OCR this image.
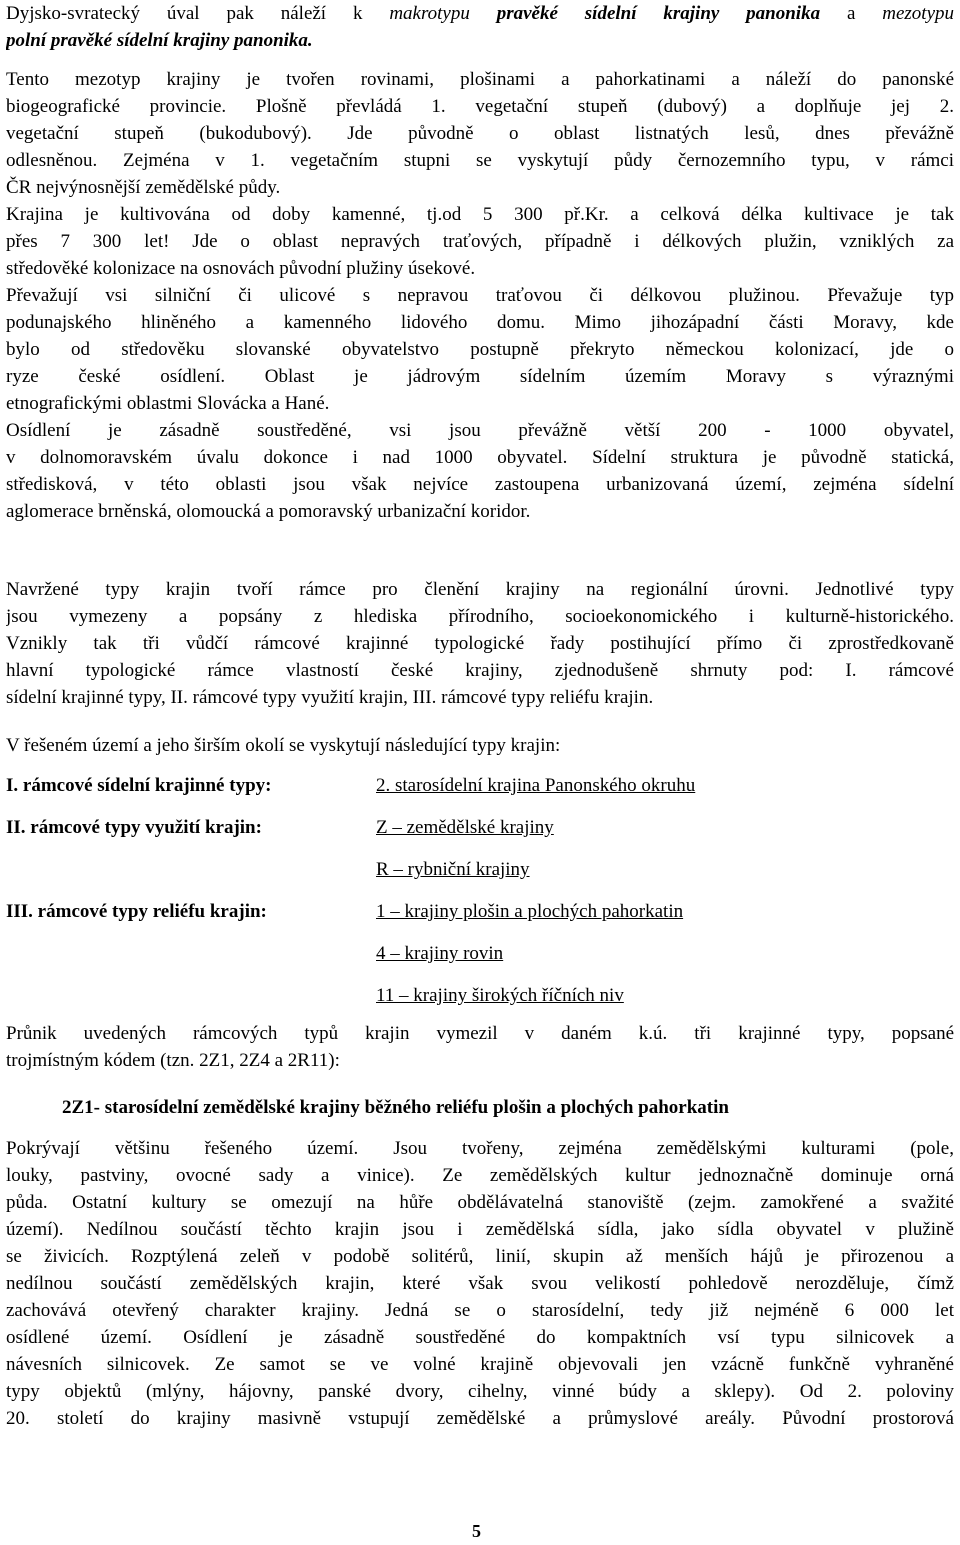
Dyjsko-svratecký úval pak náleží k makrotypu pravěké sídelní krajiny panonika a mezotypu
polní pravěké sídelní krajiny panonika.
Tento mezotyp krajiny je tvořen rovinami, plošinami a pahorkatinami a náleží do panonské
biogeografické provincie. Plošně převládá 1. vegetační stupeň (dubový) a doplňuje jej 2.
vegetační stupeň (bukodubový). Jde původně o oblast listnatých lesů, dnes převážně
odlesněnou. Zejména v 1. vegetačním stupni se vyskytují půdy černozemního typu, v rámci
ČR nejvýnosnější zemědělské půdy.
Krajina je kultivována od doby kamenné, tj.od 5 300 př.Kr. a celková délka kultivace je tak
přes 7 300 let! Jde o oblast nepravých traťových, případně i délkových plužin, vzniklých za
středověké kolonizace na osnovách původní plužiny úsekové.
Převažují vsi silniční či ulicové s nepravou traťovou či délkovou plužinou. Převažuje typ
podunajského hliněného a kamenného lidového domu. Mimo jihozápadní části Moravy, kde
bylo od středověku slovanské obyvatelstvo postupně překryto německou kolonizací, jde o
ryze české osídlení. Oblast je jádrovým sídelním územím Moravy s výraznými
etnografickými oblastmi Slovácka a Hané.
Osídlení je zásadně soustředěné, vsi jsou převážně větší 200 - 1000 obyvatel,
v dolnomoravském úvalu dokonce i nad 1000 obyvatel. Sídelní struktura je původně statická,
středisková, v této oblasti jsou však nejvíce zastoupena urbanizovaná území, zejména sídelní
aglomerace brněnská, olomoucká a pomoravský urbanizační koridor.
Navržené typy krajin tvoří rámce pro členění krajiny na regionální úrovni. Jednotlivé typy
jsou vymezeny a popsány z hlediska přírodního, socioekonomického i kulturně-historického.
Vznikly tak tři vůdčí rámcové krajinné typologické řady postihující přímo či zprostředkovaně
hlavní typologické rámce vlastností české krajiny, zjednodušeně shrnuty pod: I. rámcové
sídelní krajinné typy, II. rámcové typy využití krajin, III. rámcové typy reliéfu krajin.
V řešeném území a jeho širším okolí se vyskytují následující typy krajin:
I. rámcové sídelní krajinné typy:	2. starosídelní krajina Panonského okruhu
II. rámcové typy využití krajin:	Z – zemědělské krajiny
R – rybniční krajiny
III. rámcové typy reliéfu krajin:	1 – krajiny plošin a plochých pahorkatin
4 – krajiny rovin
11 – krajiny širokých říčních niv
Průnik uvedených rámcových typů krajin vymezil v daném k.ú. tři krajinné typy, popsané
trojmístným kódem (tzn. 2Z1, 2Z4 a 2R11):
2Z1- starosídelní zemědělské krajiny běžného reliéfu plošin a plochých pahorkatin
Pokrývají většinu řešeného území. Jsou tvořeny, zejména zemědělskými kulturami (pole,
louky, pastviny, ovocné sady a vinice). Ze zemědělských kultur jednoznačně dominuje orná
půda. Ostatní kultury se omezují na hůře obdělávatelná stanoviště (zejm. zamokřené a svažité
území). Nedílnou součástí těchto krajin jsou i zemědělská sídla, jako sídla obyvatel v plužině
se živicích. Rozptýlená zeleň v podobě solitérů, linií, skupin až menších hájů je přirozenou a
nedílnou součástí zemědělských krajin, které však svou velikostí pohledově nerozděluje, čímž
zachovává otevřený charakter krajiny. Jedná se o starosídelní, tedy již nejméně 6 000 let
osídlené území. Osídlení je zásadně soustředěné do kompaktních vsí typu silnicovek a
návesních silnicovek. Ze samot se ve volné krajině objevovali jen vzácně funkčně vyhraněné
typy objektů (mlýny, hájovny, panské dvory, cihelny, vinné búdy a sklepy). Od 2. poloviny
20. století do krajiny masivně vstupují zemědělské a průmyslové areály. Původní prostorová
5
